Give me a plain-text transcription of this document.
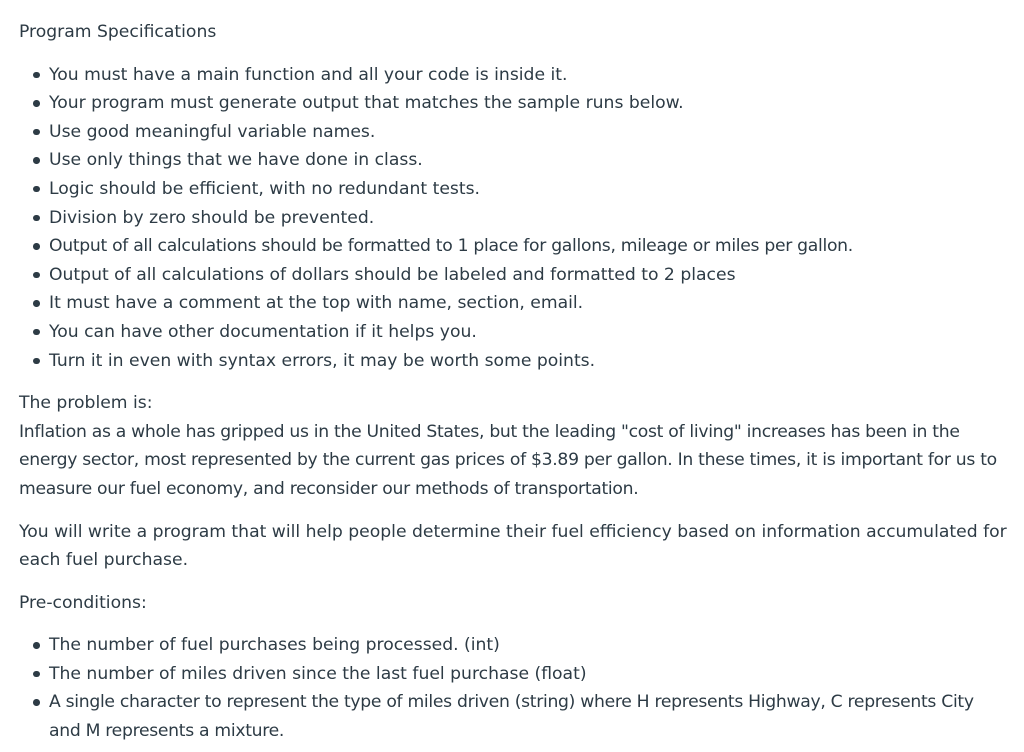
Program Specifications

You must have a main function and all your code is inside it.
Your program must generate output that matches the sample runs below.
Use good meaningful variable names.
Use only things that we have done in class.
Logic should be efficient, with no redundant tests.
Division by zero should be prevented.
Output of all calculations should be formatted to 1 place for gallons, mileage or miles per gallon.
Output of all calculations of dollars should be labeled and formatted to 2 places
It must have a comment at the top with name, section, email.
You can have other documentation if it helps you.
Turn it in even with syntax errors, it may be worth some points.

The problem is:

Inflation as a whole has gripped us in the United States, but the leading "cost of living" increases has been in the energy sector, most represented by the current gas prices of $3.89 per gallon. In these times, it is important for us to measure our fuel economy, and reconsider our methods of transportation.

You will write a program that will help people determine their fuel efficiency based on information accumulated for each fuel purchase.

Pre-conditions:

The number of fuel purchases being processed. (int)
The number of miles driven since the last fuel purchase (float)
A single character to represent the type of miles driven (string) where H represents Highway, C represents City and M represents a mixture.
